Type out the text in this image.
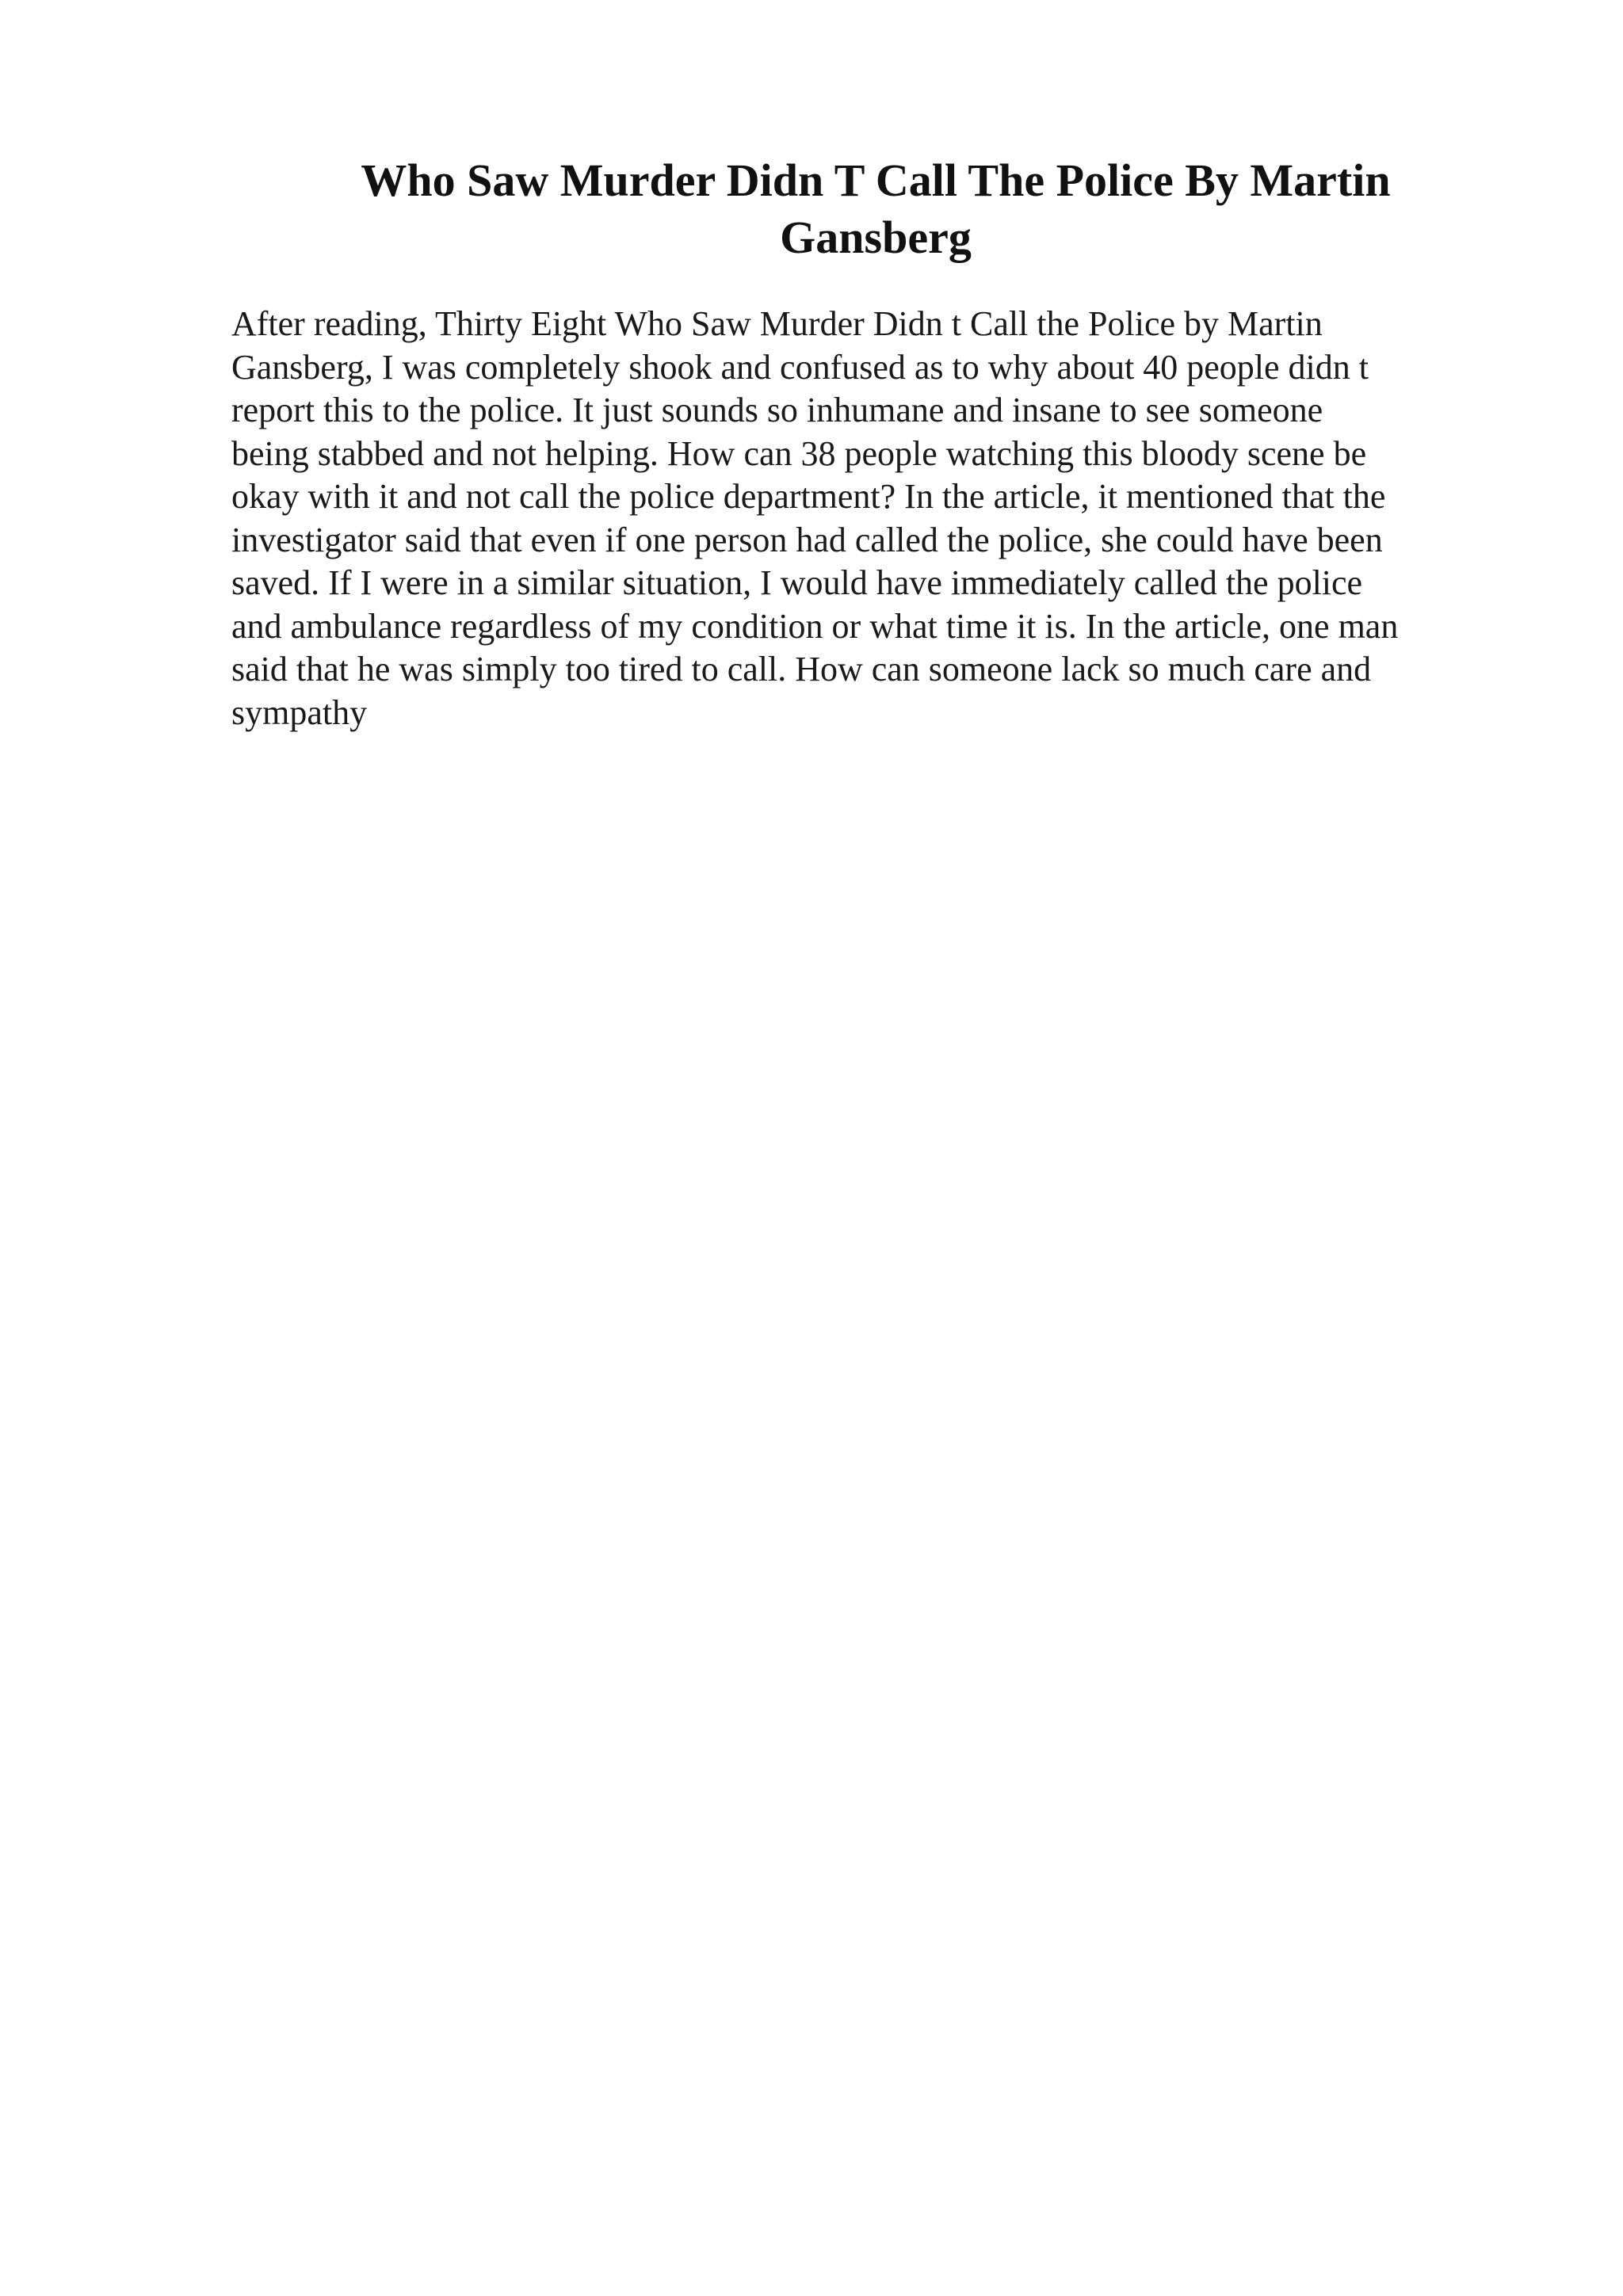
Who Saw Murder Didn T Call The Police By Martin Gansberg
After reading, Thirty Eight Who Saw Murder Didn t Call the Police by Martin
Gansberg, I was completely shook and confused as to why about 40 people didn t
report this to the police. It just sounds so inhumane and insane to see someone
being stabbed and not helping. How can 38 people watching this bloody scene be
okay with it and not call the police department? In the article, it mentioned that the
investigator said that even if one person had called the police, she could have been
saved. If I were in a similar situation, I would have immediately called the police
and ambulance regardless of my condition or what time it is. In the article, one man
said that he was simply too tired to call. How can someone lack so much care and
sympathy
